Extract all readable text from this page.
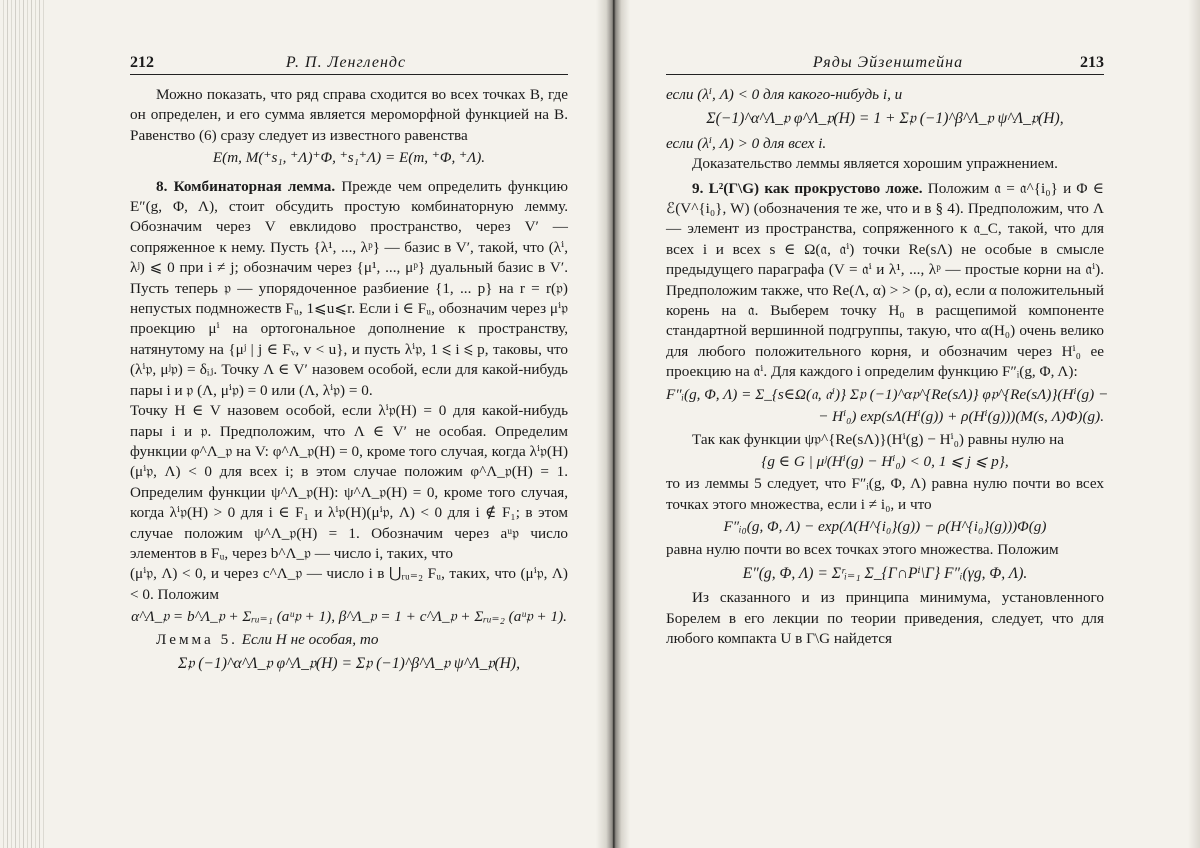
212	Р. П. Ленглендс

Можно показать, что ряд справа сходится во всех точках B, где он определен, и его сумма является мероморфной функцией на B. Равенство (6) сразу следует из известного равенства

E(m, M(⁺s₁, ⁺Λ)⁺Φ, ⁺s₁⁺Λ) = E(m, ⁺Φ, ⁺Λ).

8. Комбинаторная лемма. Прежде чем определить функцию E″(g, Φ, Λ), стоит обсудить простую комбинаторную лемму. Обозначим через V евклидово пространство, через V′ — сопряженное к нему. Пусть {λ¹, ..., λᵖ} — базис в V′, такой, что (λⁱ, λʲ) ⩽ 0 при i ≠ j; обозначим через {μ¹, ..., μᵖ} дуальный базис в V′. Пусть теперь 𝔭 — упорядоченное разбиение {1, ... p} на r = r(𝔭) непустых подмножеств Fᵤ, 1⩽u⩽r. Если i ∈ Fᵤ, обозначим через μⁱ𝔭 проекцию μⁱ на ортогональное дополнение к пространству, натянутому на {μʲ | j ∈ Fᵥ, v < u}, и пусть λⁱ𝔭, 1 ⩽ i ⩽ p, таковы, что (λⁱ𝔭, μʲ𝔭) = δᵢⱼ. Точку Λ ∈ V′ назовем особой, если для какой-нибудь пары i и 𝔭 (Λ, μⁱ𝔭) = 0 или (Λ, λⁱ𝔭) = 0.

Точку H ∈ V назовем особой, если λⁱ𝔭(H) = 0 для какой-нибудь пары i и 𝔭. Предположим, что Λ ∈ V′ не особая. Определим функции φ^Λ_𝔭 на V: φ^Λ_𝔭(H) = 0, кроме того случая, когда λⁱ𝔭(H)(μⁱ𝔭, Λ) < 0 для всех i; в этом случае положим φ^Λ_𝔭(H) = 1. Определим функции ψ^Λ_𝔭(H): ψ^Λ_𝔭(H) = 0, кроме того случая, когда λⁱ𝔭(H) > 0 для i ∈ F₁ и λⁱ𝔭(H)(μⁱ𝔭, Λ) < 0 для i ∉ F₁; в этом случае положим ψ^Λ_𝔭(H) = 1. Обозначим через aᵘ𝔭 число элементов в Fᵤ, через b^Λ_𝔭 — число i, таких, что

(μⁱ𝔭, Λ) < 0, и через c^Λ_𝔭 — число i в ⋃ᵣᵤ₌₂ Fᵤ, таких, что (μⁱ𝔭, Λ) < 0. Положим

α^Λ_𝔭 = b^Λ_𝔭 + Σᵣᵤ₌₁ (aᵘ𝔭 + 1), β^Λ_𝔭 = 1 + c^Λ_𝔭 + Σᵣᵤ₌₂ (aᵘ𝔭 + 1).

Лемма 5. Если H не особая, то

Σ𝔭 (−1)^α^Λ_𝔭 φ^Λ_𝔭(H) = Σ𝔭 (−1)^β^Λ_𝔭 ψ^Λ_𝔭(H),
Ряды Эйзенштейна	213

если (λⁱ, Λ) < 0 для какого-нибудь i, и

Σ(−1)^α^Λ_𝔭 φ^Λ_𝔭(H) = 1 + Σ𝔭 (−1)^β^Λ_𝔭 ψ^Λ_𝔭(H),

если (λⁱ, Λ) > 0 для всех i.

Доказательство леммы является хорошим упражнением.

9. L²(Γ\G) как прокрустово ложе. Положим 𝔞 = 𝔞^{i₀} и Φ ∈ ℰ(V^{i₀}, W) (обозначения те же, что и в § 4). Предположим, что Λ — элемент из пространства, сопряженного к 𝔞_C, такой, что для всех i и всех s ∈ Ω(𝔞, 𝔞ⁱ) точки Re(sΛ) не особые в смысле предыдущего параграфа (V = 𝔞ⁱ и λ¹, ..., λᵖ — простые корни на 𝔞ⁱ). Предположим также, что Re(Λ, α) > > (ρ, α), если α положительный корень на 𝔞. Выберем точку H₀ в расщепимой компоненте стандартной вершинной подгруппы, такую, что α(H₀) очень велико для любого положительного корня, и обозначим через Hⁱ₀ ее проекцию на 𝔞ⁱ. Для каждого i определим функцию F″ᵢ(g, Φ, Λ):

F″ᵢ(g, Φ, Λ) = Σ_{s∈Ω(𝔞, 𝔞ⁱ)} Σ𝔭 (−1)^α𝔭^{Re(sΛ)} φ𝔭^{Re(sΛ)}(Hⁱ(g) −
− Hⁱ₀) exp(sΛ(Hⁱ(g)) + ρ(Hⁱ(g)))(M(s, Λ)Φ)(g).

Так как функции ψ𝔭^{Re(sΛ)}(Hⁱ(g) − Hⁱ₀) равны нулю на

{g ∈ G | μʲ(Hⁱ(g) − Hⁱ₀) < 0, 1 ⩽ j ⩽ p},

то из леммы 5 следует, что F″ᵢ(g, Φ, Λ) равна нулю почти во всех точках этого множества, если i ≠ i₀, и что

F″ᵢ₀(g, Φ, Λ) − exp(Λ(H^{i₀}(g)) − ρ(H^{i₀}(g)))Φ(g)

равна нулю почти во всех точках этого множества. Положим

E″(g, Φ, Λ) = Σʳᵢ₌₁ Σ_{Γ∩Pⁱ\Γ} F″ᵢ(γg, Φ, Λ).

Из сказанного и из принципа минимума, установленного Борелем в его лекции по теории приведения, следует, что для любого компакта U в Γ\G найдется
